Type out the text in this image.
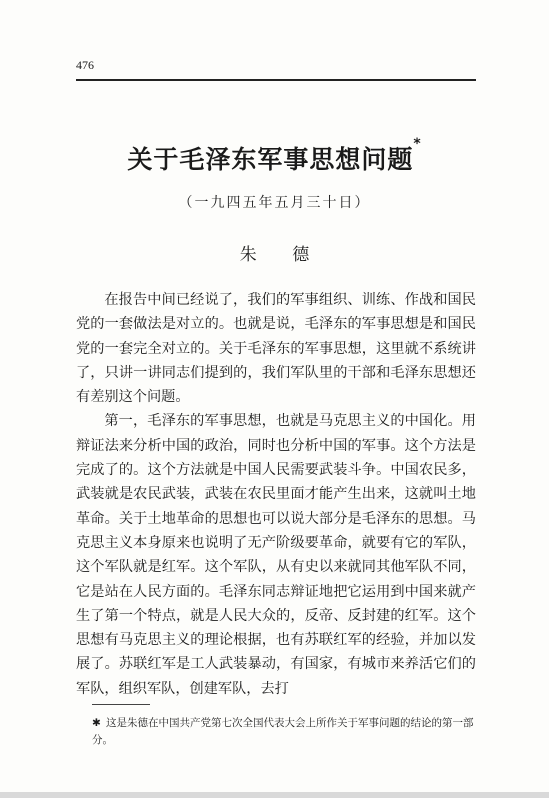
476
关于毛泽东军事思想问题*
（一九四五年五月三十日）
朱 德

在报告中间已经说了，我们的军事组织、训练、作战和国民党的一套做法是对立的。也就是说，毛泽东的军事思想是和国民党的一套完全对立的。关于毛泽东的军事思想，这里就不系统讲了，只讲一讲同志们提到的，我们军队里的干部和毛泽东思想还有差别这个问题。

第一，毛泽东的军事思想，也就是马克思主义的中国化。用辩证法来分析中国的政治，同时也分析中国的军事。这个方法是完成了的。这个方法就是中国人民需要武装斗争。中国农民多，武装就是农民武装，武装在农民里面才能产生出来，这就叫土地革命。关于土地革命的思想也可以说大部分是毛泽东的思想。马克思主义本身原来也说明了无产阶级要革命，就要有它的军队，这个军队就是红军。这个军队，从有史以来就同其他军队不同，它是站在人民方面的。毛泽东同志辩证地把它运用到中国来就产生了第一个特点，就是人民大众的，反帝、反封建的红军。这个思想有马克思主义的理论根据，也有苏联红军的经验，并加以发展了。苏联红军是工人武装暴动，有国家，有城市来养活它们的军队，组织军队，创建军队，去打

✱ 这是朱德在中国共产党第七次全国代表大会上所作关于军事问题的结论的第一部分。
